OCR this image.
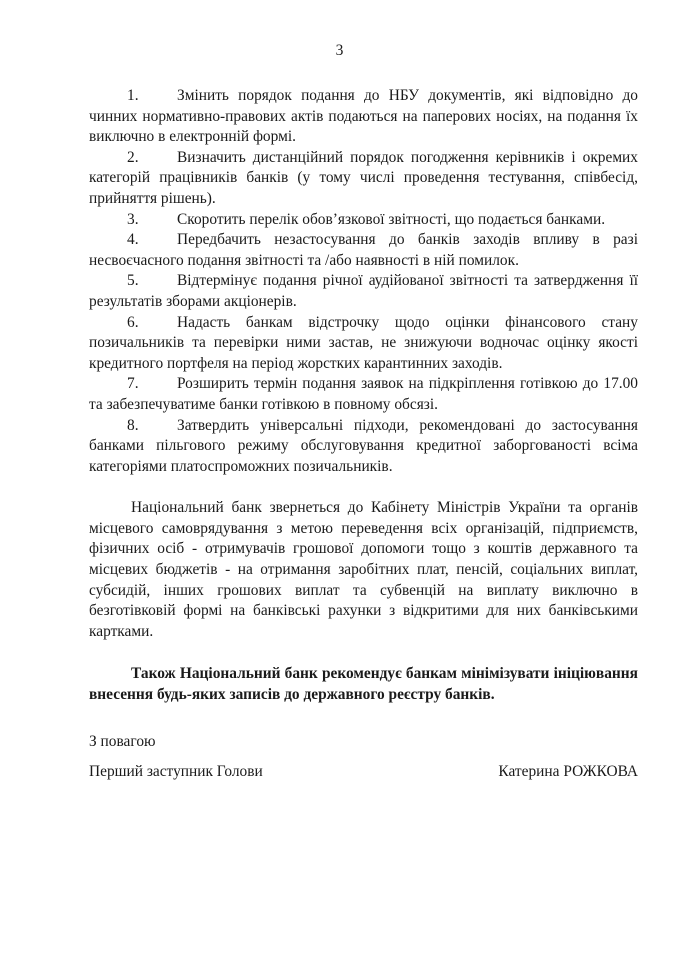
3
1. Змінить порядок подання до НБУ документів, які відповідно до чинних нормативно-правових актів подаються на паперових носіях, на подання їх виключно в електронній формі.
2. Визначить дистанційний порядок погодження керівників і окремих категорій працівників банків (у тому числі проведення тестування, співбесід, прийняття рішень).
3. Скоротить перелік обов’язкової звітності, що подається банками.
4. Передбачить незастосування до банків заходів впливу в разі несвоєчасного подання звітності та /або наявності в ній помилок.
5. Відтермінує подання річної аудійованої звітності та затвердження її результатів зборами акціонерів.
6. Надасть банкам відстрочку щодо оцінки фінансового стану позичальників та перевірки ними застав, не знижуючи водночас оцінку якості кредитного портфеля на період жорстких карантинних заходів.
7. Розширить термін подання заявок на підкріплення готівкою до 17.00 та забезпечуватиме банки готівкою в повному обсязі.
8. Затвердить універсальні підходи, рекомендовані до застосування банками пільгового режиму обслуговування кредитної заборгованості всіма категоріями платоспроможних позичальників.

Національний банк звернеться до Кабінету Міністрів України та органів місцевого самоврядування з метою переведення всіх організацій, підприємств, фізичних осіб - отримувачів грошової допомоги тощо з коштів державного та місцевих бюджетів - на отримання заробітних плат, пенсій, соціальних виплат, субсидій, інших грошових виплат та субвенцій на виплату виключно в безготівковій формі на банківські рахунки з відкритими для них банківськими картками.

Також Національний банк рекомендує банкам мінімізувати ініціювання внесення будь-яких записів до державного реєстру банків.

З повагою

Перший заступник Голови	Катерина РОЖКОВА
